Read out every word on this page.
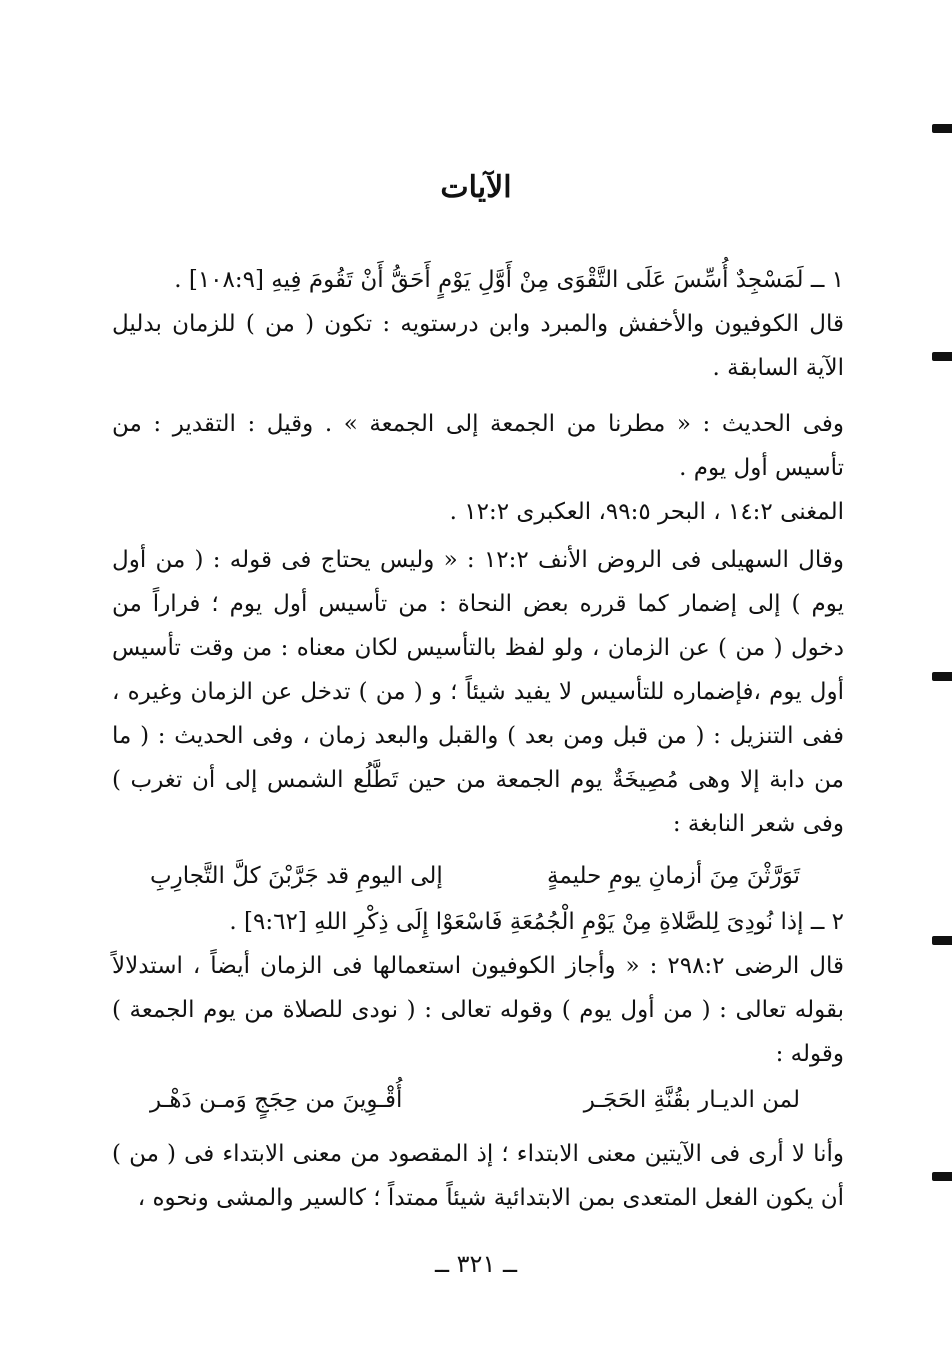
الآيات

١ ــ لَمَسْجِدٌ أُسِّسَ عَلَى التَّقْوَى مِنْ أَوَّلِ يَوْمٍ أَحَقُّ أَنْ تَقُومَ فِيهِ [١٠٨:٩] .

قال الكوفيون والأخفش والمبرد وابن درستويه : تكون ( من ) للزمان بدليل الآية السابقة .

وفى الحديث : « مطرنا من الجمعة إلى الجمعة » . وقيل : التقدير : من تأسيس أول يوم .

المغنى ١٤:٢ ، البحر ٩٩:٥، العكبرى ١٢:٢ .

وقال السهيلى فى الروض الأنف ١٢:٢ : « وليس يحتاج فى قوله : ( من أول يوم ) إلى إضمار كما قرره بعض النحاة : من تأسيس أول يوم ؛ فراراً من دخول ( من ) عن الزمان ، ولو لفظ بالتأسيس لكان معناه : من وقت تأسيس أول يوم ،فإضماره للتأسيس لا يفيد شيئاً ؛ و ( من ) تدخل عن الزمان وغيره ، ففى التنزيل : ( من قبل ومن بعد ) والقبل والبعد زمان ، وفى الحديث : ( ما من دابة إلا وهى مُصِيخَةٌ يوم الجمعة من حين تَطَّلُع الشمس إلى أن تغرب ) وفى شعر النابغة :

تَوَرَّثْنَ مِنَ أزمانِ يومِ حليمةٍ
إلى اليومِ قد جَرَّبْنَ كلَّ التَّجارِبِ

٢ ــ إذا نُودِىَ لِلصَّلاةِ مِنْ يَوْمِ الْجُمُعَةِ فَاسْعَوْا إِلَى ذِكْرِ اللهِ [٩:٦٢] .

قال الرضى ٢٩٨:٢ : « وأجاز الكوفيون استعمالها فى الزمان أيضاً ، استدلالاً بقوله تعالى : ( من أول يوم ) وقوله تعالى : ( نودى للصلاة من يوم الجمعة ) وقوله :

لمن الديـار بقُنَّةِ الحَجَـر
أُقْـوِينَ من حِجَجٍ وَمـن دَهْـر

وأنا لا أرى فى الآيتين معنى الابتداء ؛ إذ المقصود من معنى الابتداء فى ( من ) أن يكون الفعل المتعدى بمن الابتدائية شيئاً ممتداً ؛ كالسير والمشى ونحوه ،

ــ ٣٢١ ــ
